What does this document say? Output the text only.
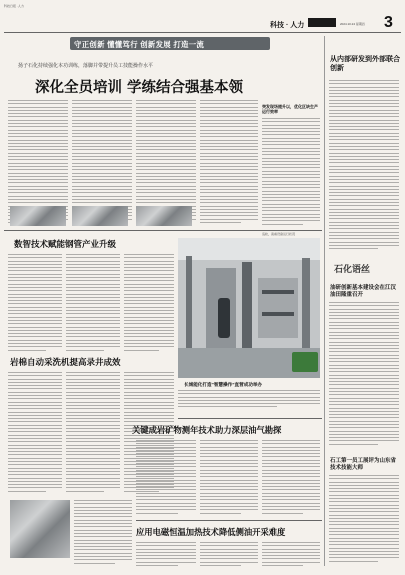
科技日报 ·人力
科技 · 人力	2024.10.24 星期四	3
守正创新 懂懂笃行 创新发展 打造一流
扬子石化持续强化本功训练，落脚并带提升员工技能操作水平
深化全员培训 学练结合强基本领
从内部研发到外部联合创新
石化语丝
油研创新基本建设会在江汉油田隆重召开
石工第一员工展评为山东省技术技能大师
突发现场提升以，优化区块生产运行效率
数智技术赋能钢管产业升级
岩棉自动采洗机提高录井成效
长城能化打造“智慧操作”直营成功举办
巡检，查看设备运行状况
关键成岩矿物测年技术助力深层油气勘探
应用电磁恒温加热技术降低侧油开采难度
